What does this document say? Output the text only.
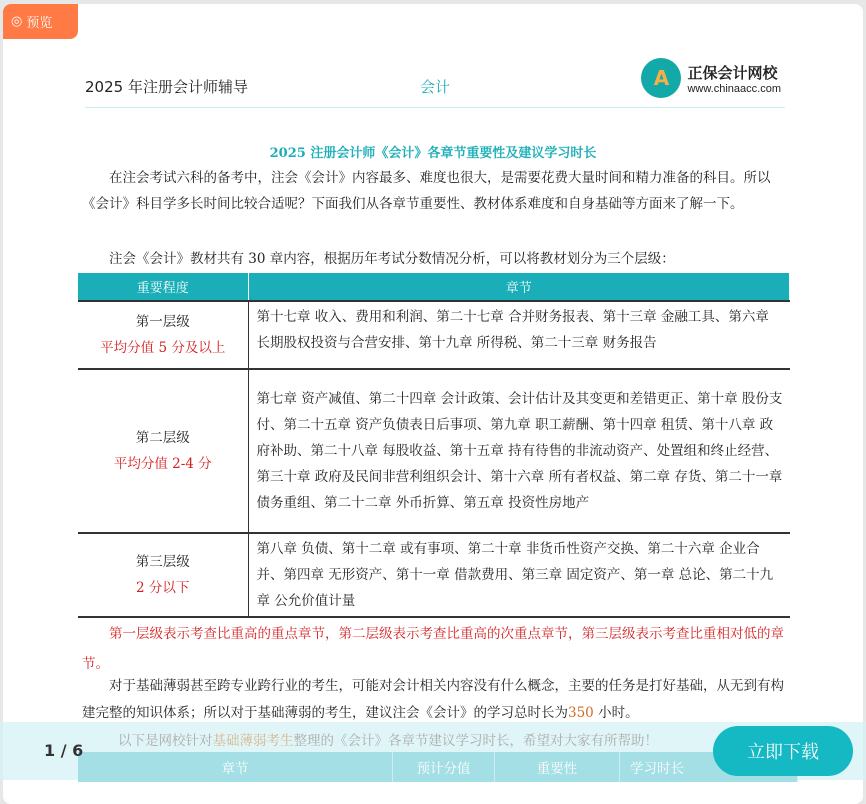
◎ 预览
2025 年注册会计师辅导	会计	A	正保会计网校
www.chinaacc.com
2025 注册会计师《会计》各章节重要性及建议学习时长
在注会考试六科的备考中，注会《会计》内容最多、难度也很大，是需要花费大量时间和精力准备的科目。所以《会计》科目学多长时间比较合适呢？下面我们从各章节重要性、教材体系难度和自身基础等方面来了解一下。
注会《会计》教材共有 30 章内容，根据历年考试分数情况分析，可以将教材划分为三个层级：
重要程度	章节

第一层级
平均分值 5 分及以上	第十七章 收入、费用和利润、第二十七章 合并财务报表、第十三章 金融工具、第六章 长期股权投资与合营安排、第十九章 所得税、第二十三章 财务报告

第二层级
平均分值 2-4 分	第七章 资产减值、第二十四章 会计政策、会计估计及其变更和差错更正、第十章 股份支付、第二十五章 资产负债表日后事项、第九章 职工薪酬、第十四章 租赁、第十八章 政府补助、第二十八章 每股收益、第十五章 持有待售的非流动资产、处置组和终止经营、第三十章 政府及民间非营利组织会计、第十六章 所有者权益、第二章 存货、第二十一章 债务重组、第二十二章 外币折算、第五章 投资性房地产

第三层级
2 分以下	第八章 负债、第十二章 或有事项、第二十章 非货币性资产交换、第二十六章 企业合并、第四章 无形资产、第十一章 借款费用、第三章 固定资产、第一章 总论、第二十九章 公允价值计量
第一层级表示考查比重高的重点章节，第二层级表示考查比重高的次重点章节，第三层级表示考查比重相对低的章节。
对于基础薄弱甚至跨专业跨行业的考生，可能对会计相关内容没有什么概念，主要的任务是打好基础，从无到有构建完整的知识体系；所以对于基础薄弱的考生，建议注会《会计》的学习总时长为350 小时。
以下是网校针对基础薄弱考生整理的《会计》各章节建议学习时长，希望对大家有所帮助！
章节	预计分值	重要性	学习时长
1 / 6	立即下载
